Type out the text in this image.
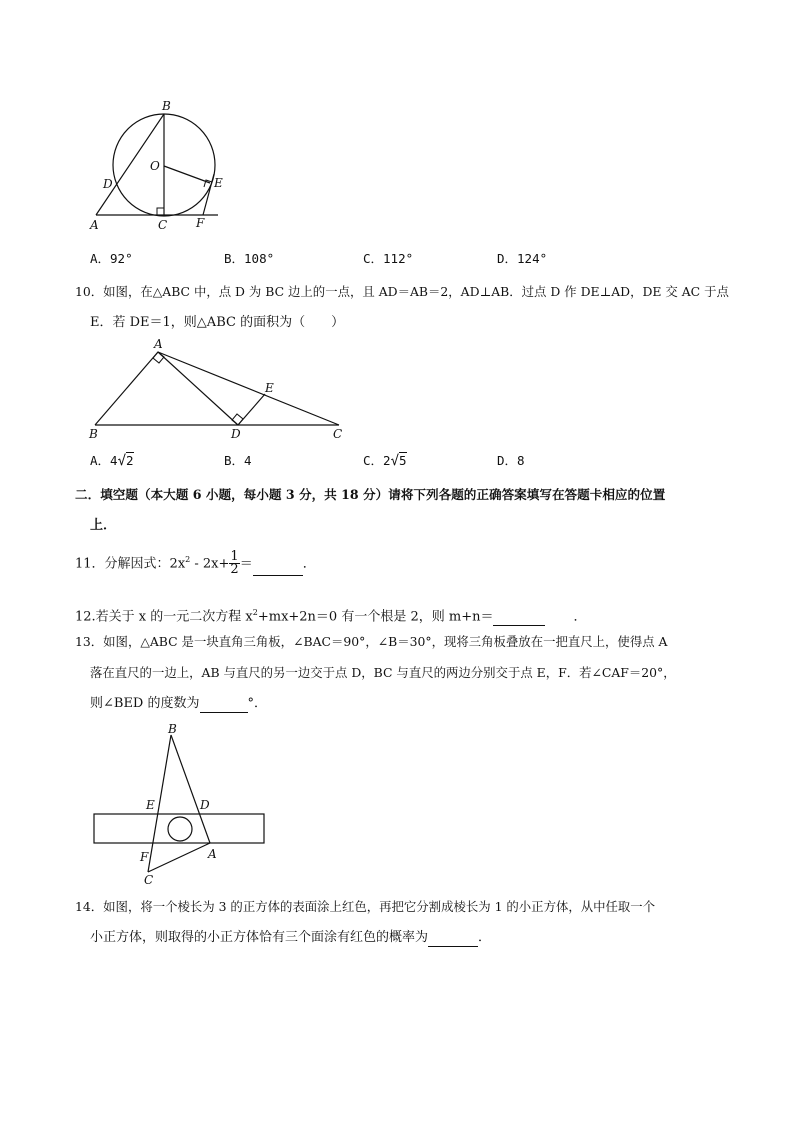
B
O
D	E
A	C F
A．92°	B．108°	C．112°	D．124°
10．如图，在△ABC 中，点 D 为 BC 边上的一点，且 AD＝AB＝2，AD⊥AB．过点 D 作 DE⊥AD，DE 交 AC 于点
E．若 DE＝1，则△ABC 的面积为（　　）
A
E
B	D	C
A．4√2	B．4	C．2√5	D．8
二．填空题（本大题 6 小题，每小题 3 分，共 18 分）请将下列各题的正确答案填写在答题卡相应的位置
上．
11．分解因式：$2x^2 - 2x+ \frac{1}{2}$ ＝	．
12.若关于 x 的一元二次方程 $x^2+mx+2n=0$ 有一个根是 2，则 m+n＝	．
13．如图，△ABC 是一块直角三角板，∠BAC＝90°，∠B＝30°，现将三角板叠放在一把直尺上，使得点 A
落在直尺的一边上，AB 与直尺的另一边交于点 D，BC 与直尺的两边分别交于点 E，F．若∠CAF＝20°，
则∠BED 的度数为	°．
B
E	D
F	A
C
14．如图，将一个棱长为 3 的正方体的表面涂上红色，再把它分割成棱长为 1 的小正方体，从中任取一个
小正方体，则取得的小正方体恰有三个面涂有红色的概率为	．
